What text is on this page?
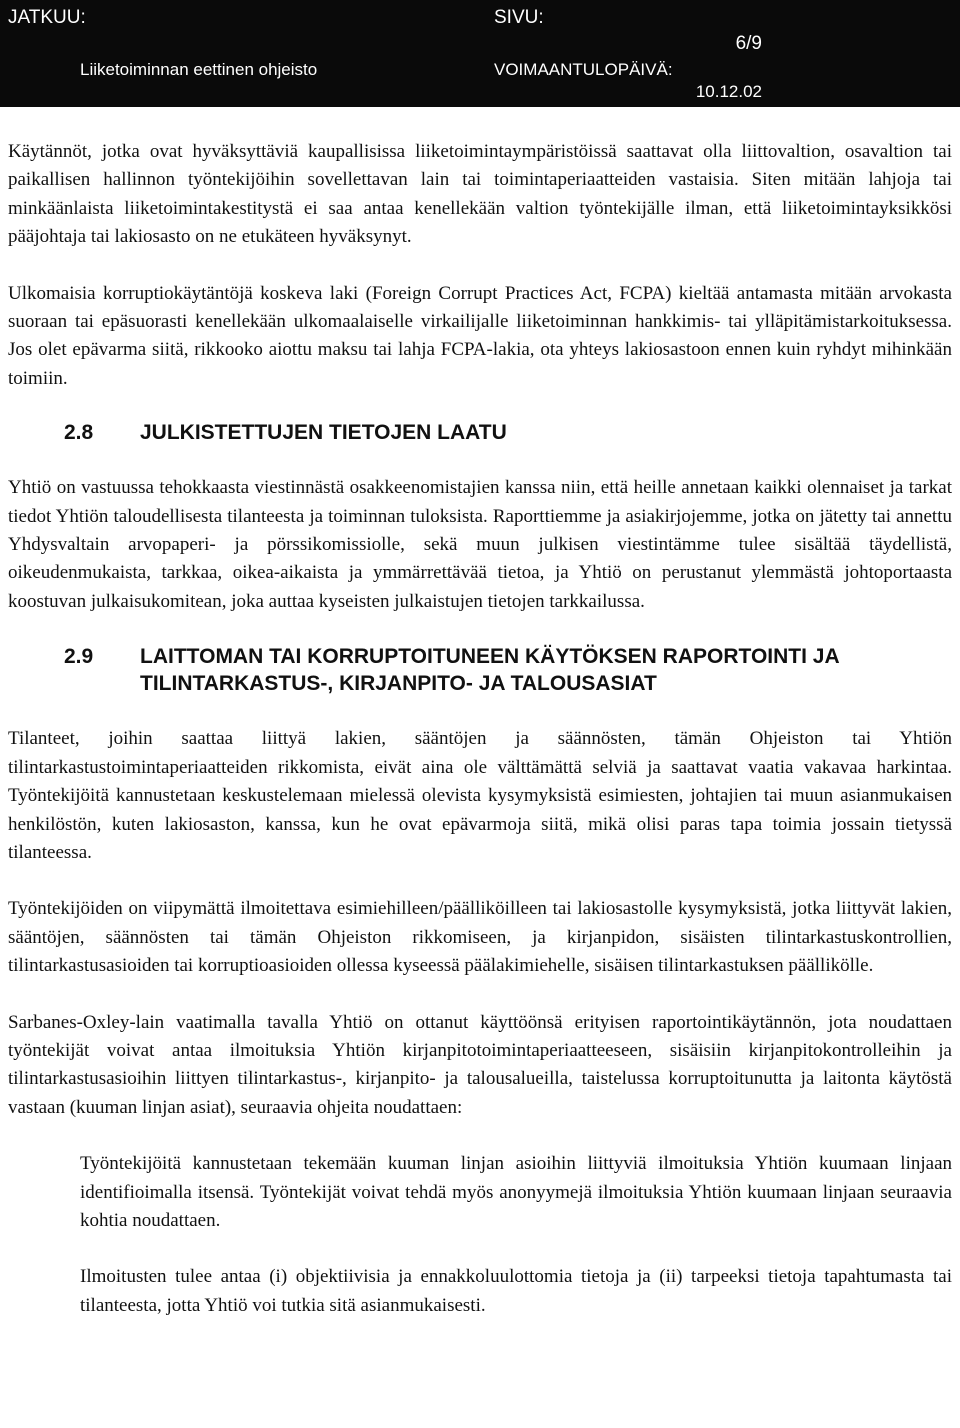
JATKUU:
Liiketoiminnan eettinen ohjeisto
SIVU:
6/9
VOIMAANTULOPÄIVÄ:
10.12.02

Käytännöt, jotka ovat hyväksyttäviä kaupallisissa liiketoimintaympäristöissä saattavat olla liittovaltion, osavaltion tai paikallisen hallinnon työntekijöihin sovellettavan lain tai toimintaperiaatteiden vastaisia. Siten mitään lahjoja tai minkäänlaista liiketoimintakestitystä ei saa antaa kenellekään valtion työntekijälle ilman, että liiketoimintayksikkösi pääjohtaja tai lakiosasto on ne etukäteen hyväksynyt.

Ulkomaisia korruptiokäytäntöjä koskeva laki (Foreign Corrupt Practices Act, FCPA) kieltää antamasta mitään arvokasta suoraan tai epäsuorasti kenellekään ulkomaalaiselle virkailijalle liiketoiminnan hankkimis- tai ylläpitämistarkoituksessa. Jos olet epävarma siitä, rikkooko aiottu maksu tai lahja FCPA-lakia, ota yhteys lakiosastoon ennen kuin ryhdyt mihinkään toimiin.

2.8	JULKISTETTUJEN TIETOJEN LAATU

Yhtiö on vastuussa tehokkaasta viestinnästä osakkeenomistajien kanssa niin, että heille annetaan kaikki olennaiset ja tarkat tiedot Yhtiön taloudellisesta tilanteesta ja toiminnan tuloksista. Raporttiemme ja asiakirjojemme, jotka on jätetty tai annettu Yhdysvaltain arvopaperi- ja pörssikomissiolle, sekä muun julkisen viestintämme tulee sisältää täydellistä, oikeudenmukaista, tarkkaa, oikea-aikaista ja ymmärrettävää tietoa, ja Yhtiö on perustanut ylemmästä johtoportaasta koostuvan julkaisukomitean, joka auttaa kyseisten julkaistujen tietojen tarkkailussa.

2.9	LAITTOMAN TAI KORRUPTOITUNEEN KÄYTÖKSEN RAPORTOINTI JA TILINTARKASTUS-, KIRJANPITO- JA TALOUSASIAT

Tilanteet, joihin saattaa liittyä lakien, sääntöjen ja säännösten, tämän Ohjeiston tai Yhtiön tilintarkastustoimintaperiaatteiden rikkomista, eivät aina ole välttämättä selviä ja saattavat vaatia vakavaa harkintaa. Työntekijöitä kannustetaan keskustelemaan mielessä olevista kysymyksistä esimiesten, johtajien tai muun asianmukaisen henkilöstön, kuten lakiosaston, kanssa, kun he ovat epävarmoja siitä, mikä olisi paras tapa toimia jossain tietyssä tilanteessa.

Työntekijöiden on viipymättä ilmoitettava esimiehilleen/päälliköilleen tai lakiosastolle kysymyksistä, jotka liittyvät lakien, sääntöjen, säännösten tai tämän Ohjeiston rikkomiseen, ja kirjanpidon, sisäisten tilintarkastuskontrollien, tilintarkastusasioiden tai korruptioasioiden ollessa kyseessä päälakimiehelle, sisäisen tilintarkastuksen päällikölle.

Sarbanes-Oxley-lain vaatimalla tavalla Yhtiö on ottanut käyttöönsä erityisen raportointikäytännön, jota noudattaen työntekijät voivat antaa ilmoituksia Yhtiön kirjanpitotoimintaperiaatteeseen, sisäisiin kirjanpitokontrolleihin ja tilintarkastusasioihin liittyen tilintarkastus-, kirjanpito- ja talousalueilla, taistelussa korruptoitunutta ja laitonta käytöstä vastaan (kuuman linjan asiat), seuraavia ohjeita noudattaen:

Työntekijöitä kannustetaan tekemään kuuman linjan asioihin liittyviä ilmoituksia Yhtiön kuumaan linjaan identifioimalla itsensä. Työntekijät voivat tehdä myös anonyymejä ilmoituksia Yhtiön kuumaan linjaan seuraavia kohtia noudattaen.

Ilmoitusten tulee antaa (i) objektiivisia ja ennakkoluulottomia tietoja ja (ii) tarpeeksi tietoja tapahtumasta tai tilanteesta, jotta Yhtiö voi tutkia sitä asianmukaisesti.
